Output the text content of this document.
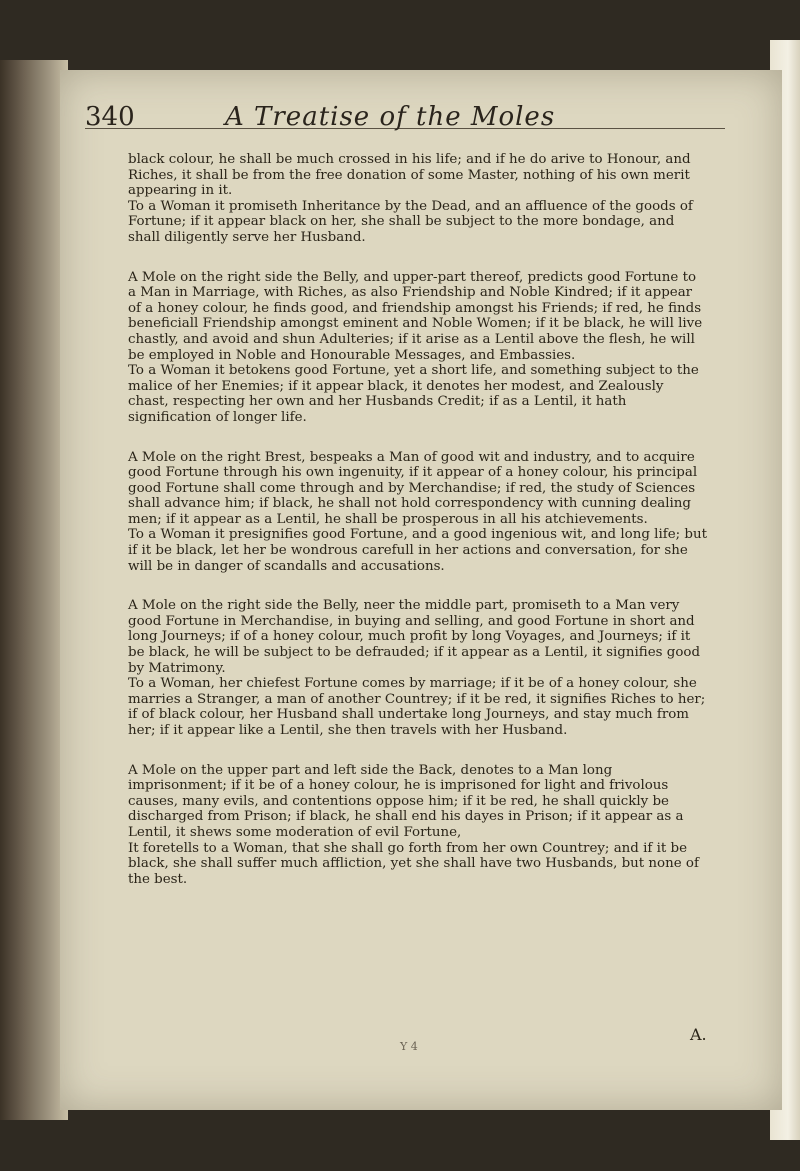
340	A Treatise of the Moles

black colour, he shall be much crossed in his life; and if he do arive to Honour, and Riches, it shall be from the free donation of some Master, nothing of his own merit appearing in it.

To a Woman it promiseth Inheritance by the Dead, and an affluence of the goods of Fortune; if it appear black on her, she shall be subject to the more bondage, and shall diligently serve her Husband.

A Mole on the right side the Belly, and upper-part thereof, predicts good Fortune to a Man in Marriage, with Riches, as also Friendship and Noble Kindred; if it appear of a honey colour, he finds good, and friendship amongst his Friends; if red, he finds beneficiall Friendship amongst eminent and Noble Women; if it be black, he will live chastly, and avoid and shun Adulteries; if it arise as a Lentil above the flesh, he will be employed in Noble and Honourable Messages, and Embassies.

To a Woman it betokens good Fortune, yet a short life, and something subject to the malice of her Enemies; if it appear black, it denotes her modest, and Zealously chast, respecting her own and her Husbands Credit; if as a Lentil, it hath signification of longer life.

A Mole on the right Brest, bespeaks a Man of good wit and industry, and to acquire good Fortune through his own ingenuity, if it appear of a honey colour, his principal good Fortune shall come through and by Merchandise; if red, the study of Sciences shall advance him; if black, he shall not hold correspondency with cunning dealing men; if it appear as a Lentil, he shall be prosperous in all his atchievements.

To a Woman it presignifies good Fortune, and a good ingenious wit, and long life; but if it be black, let her be wondrous carefull in her actions and conversation, for she will be in danger of scandalls and accusations.

A Mole on the right side the Belly, neer the middle part, promiseth to a Man very good Fortune in Merchandise, in buying and selling, and good Fortune in short and long Journeys; if of a honey colour, much profit by long Voyages, and Journeys; if it be black, he will be subject to be defrauded; if it appear as a Lentil, it signifies good by Matrimony.

To a Woman, her chiefest Fortune comes by marriage; if it be of a honey colour, she marries a Stranger, a man of another Countrey; if it be red, it signifies Riches to her; if of black colour, her Husband shall undertake long Journeys, and stay much from her; if it appear like a Lentil, she then travels with her Husband.

A Mole on the upper part and left side the Back, denotes to a Man long imprisonment; if it be of a honey colour, he is imprisoned for light and frivolous causes, many evils, and contentions oppose him; if it be red, he shall quickly be discharged from Prison; if black, he shall end his dayes in Prison; if it appear as a Lentil, it shews some moderation of evil Fortune,

It foretells to a Woman, that she shall go forth from her own Countrey; and if it be black, she shall suffer much affliction, yet she shall have two Husbands, but none of the best.

Y 4
A.
